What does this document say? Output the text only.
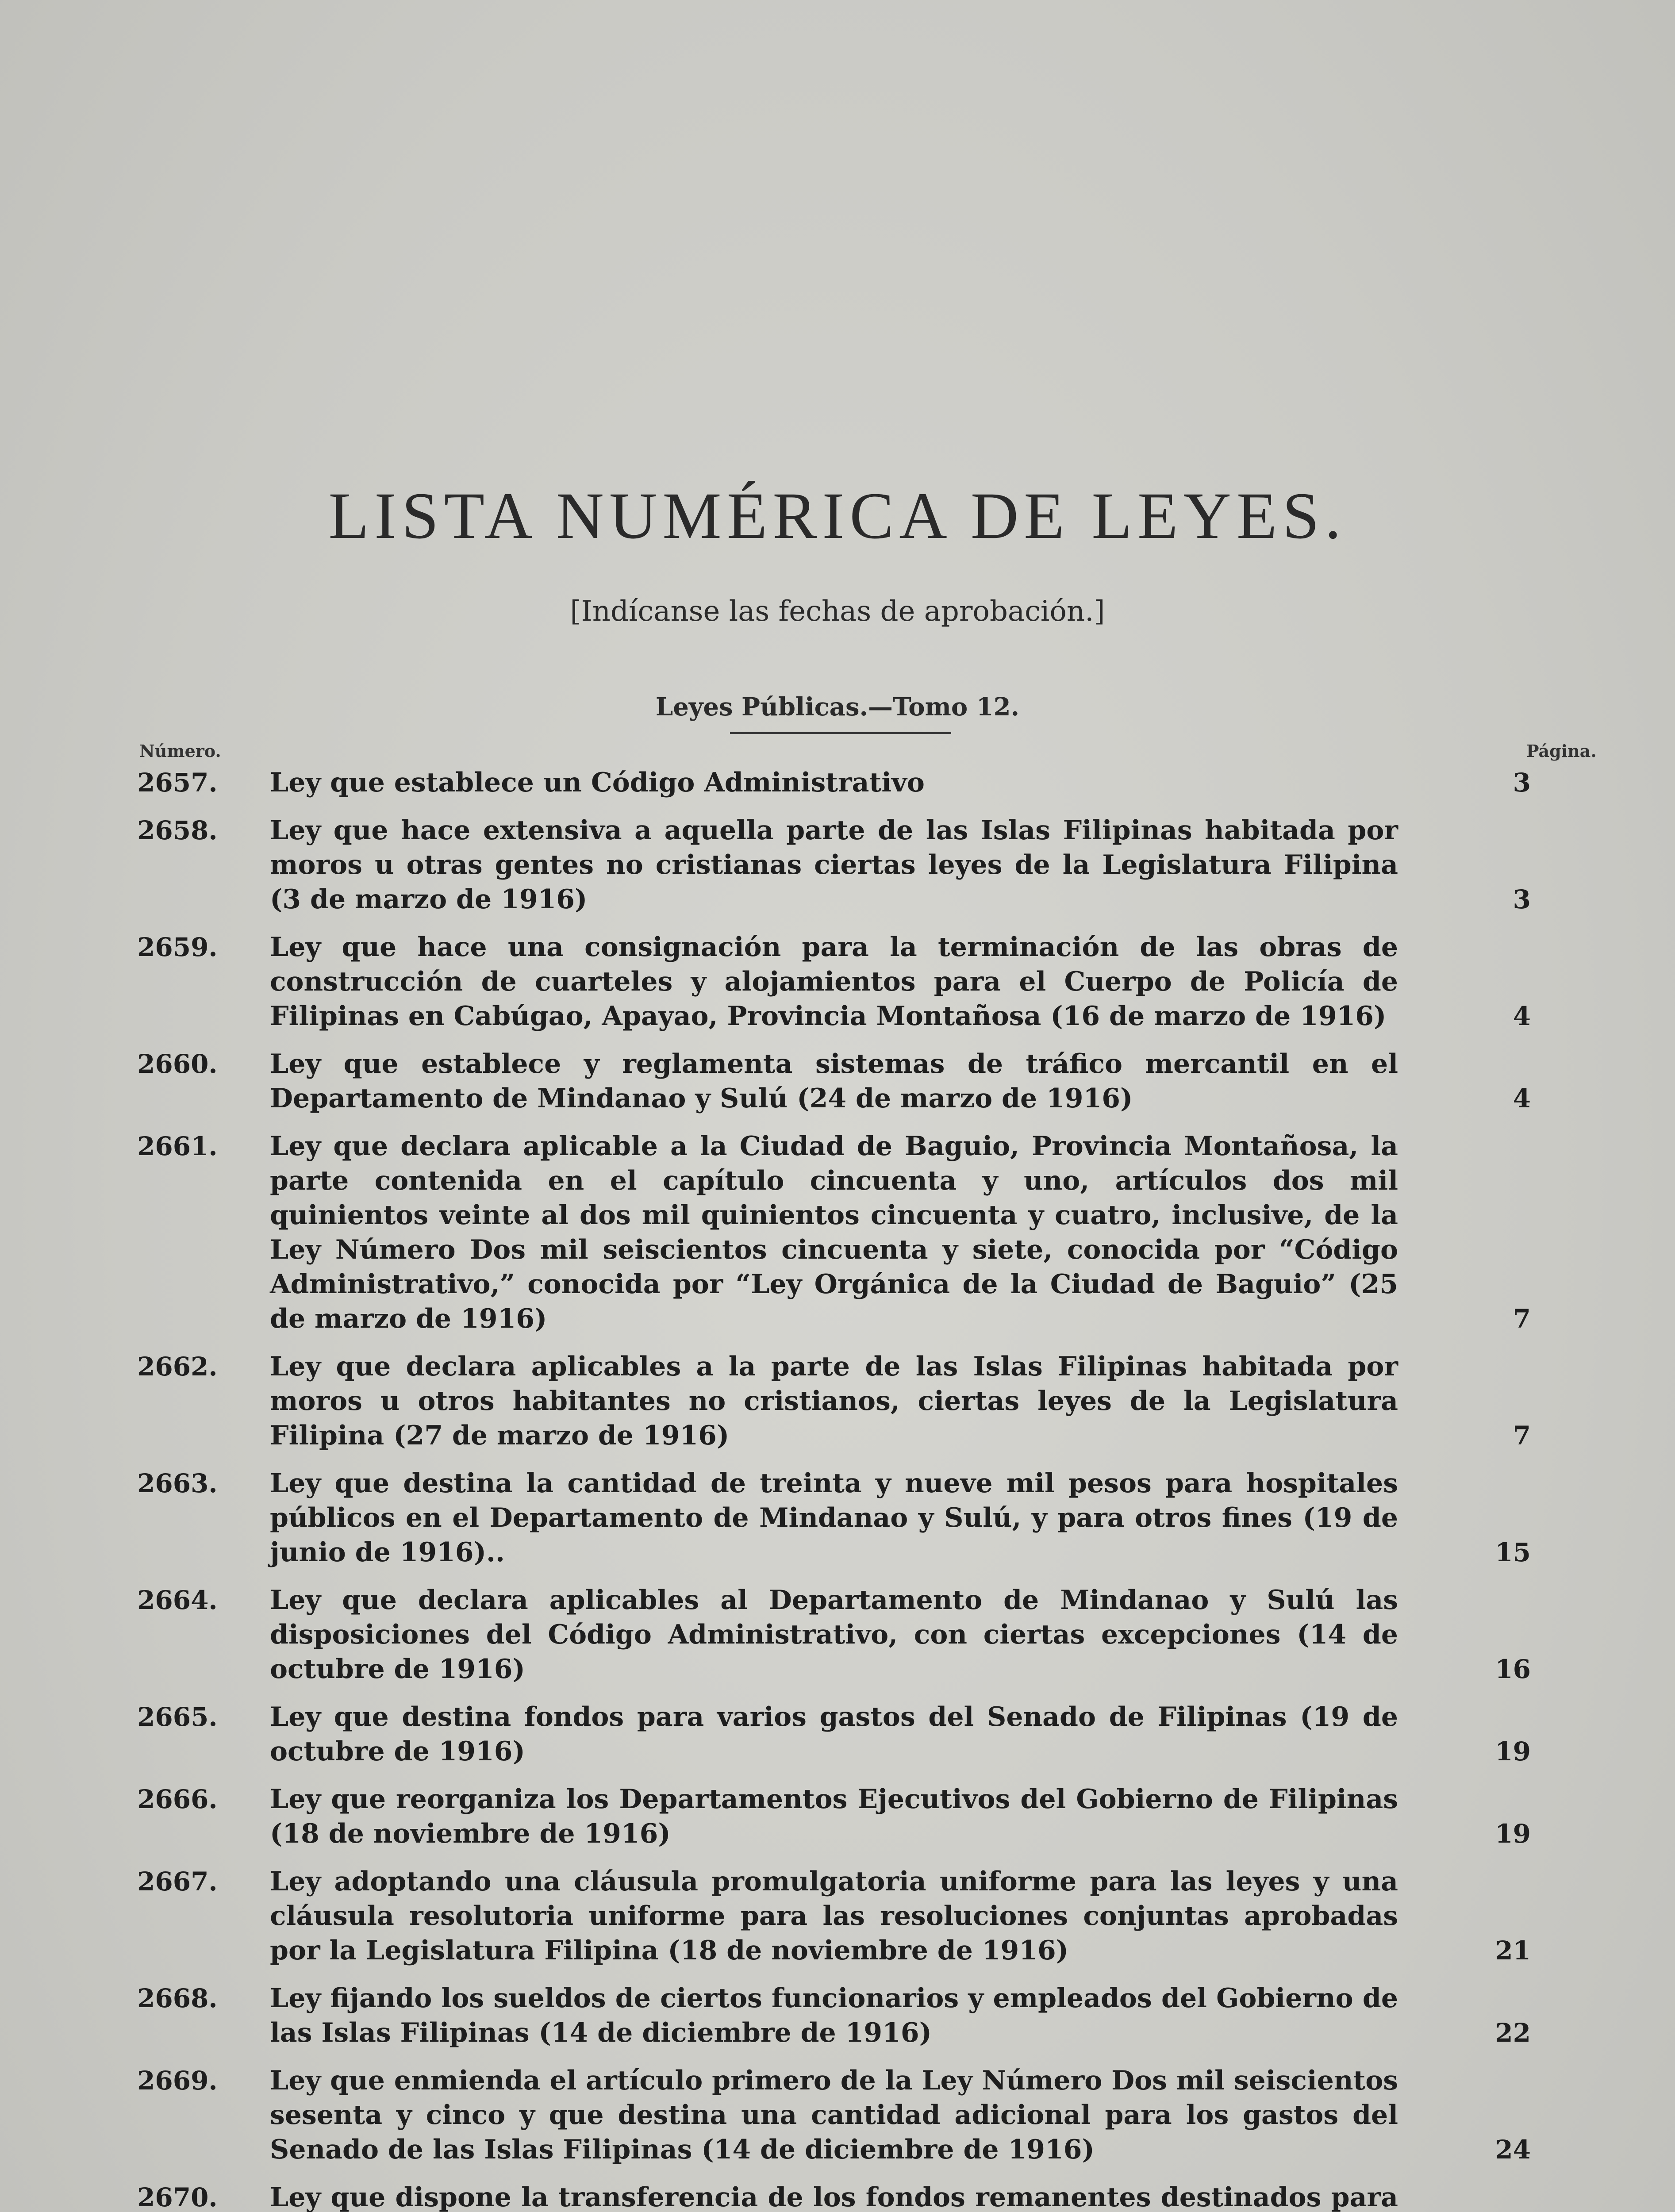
LISTA NUMÉRICA DE LEYES.

[Indícanse las fechas de aprobación.]

Leyes Públicas.—Tomo 12.

Número.	Página.
2657. Ley que establece un Código Administrativo	3
2658. Ley que hace extensiva a aquella parte de las Islas Filipinas habitada por moros u otras gentes no cristianas ciertas leyes de la Legislatura Filipina (3 de marzo de 1916)	3
2659. Ley que hace una consignación para la terminación de las obras de construcción de cuarteles y alojamientos para el Cuerpo de Policía de Filipinas en Cabúgao, Apayao, Provincia Montañosa (16 de marzo de 1916)	4
2660. Ley que establece y reglamenta sistemas de tráfico mercantil en el Departamento de Mindanao y Sulú (24 de marzo de 1916)	4
2661. Ley que declara aplicable a la Ciudad de Baguio, Provincia Montañosa, la parte contenida en el capítulo cincuenta y uno, artículos dos mil quinientos veinte al dos mil quinientos cincuenta y cuatro, inclusive, de la Ley Número Dos mil seiscientos cincuenta y siete, conocida por “Código Administrativo,” conocida por “Ley Orgánica de la Ciudad de Baguio” (25 de marzo de 1916)	7
2662. Ley que declara aplicables a la parte de las Islas Filipinas habitada por moros u otros habitantes no cristianos, ciertas leyes de la Legislatura Filipina (27 de marzo de 1916)	7
2663. Ley que destina la cantidad de treinta y nueve mil pesos para hospitales públicos en el Departamento de Mindanao y Sulú, y para otros fines (19 de junio de 1916)..	15
2664. Ley que declara aplicables al Departamento de Mindanao y Sulú las disposiciones del Código Administrativo, con ciertas excepciones (14 de octubre de 1916)	16
2665. Ley que destina fondos para varios gastos del Senado de Filipinas (19 de octubre de 1916)	19
2666. Ley que reorganiza los Departamentos Ejecutivos del Gobierno de Filipinas (18 de noviembre de 1916)	19
2667. Ley adoptando una cláusula promulgatoria uniforme para las leyes y una cláusula resolutoria uniforme para las resoluciones conjuntas aprobadas por la Legislatura Filipina (18 de noviembre de 1916)	21
2668. Ley fijando los sueldos de ciertos funcionarios y empleados del Gobierno de las Islas Filipinas (14 de diciembre de 1916)	22
2669. Ley que enmienda el artículo primero de la Ley Número Dos mil seiscientos sesenta y cinco y que destina una cantidad adicional para los gastos del Senado de las Islas Filipinas (14 de diciembre de 1916)	24
2670. Ley que dispone la transferencia de los fondos remanentes destinados para
